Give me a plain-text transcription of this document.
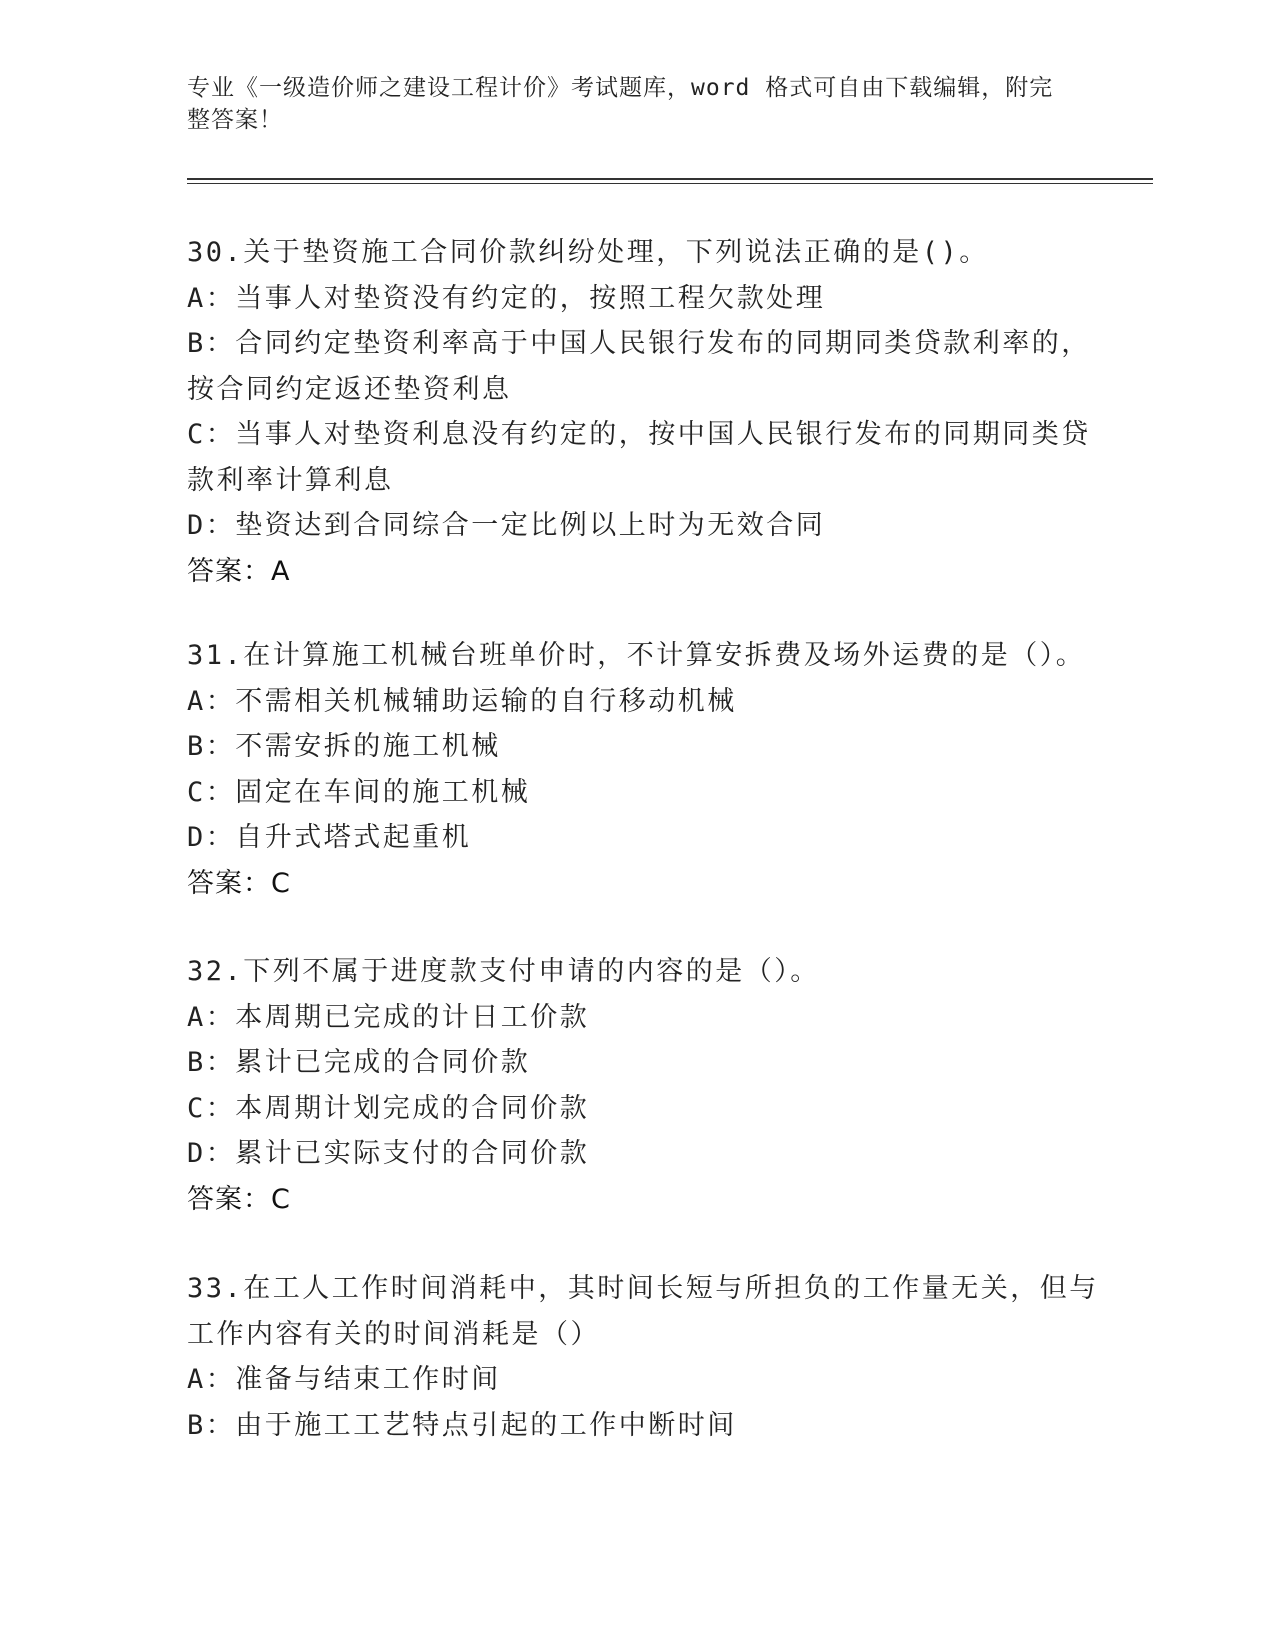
专业《一级造价师之建设工程计价》考试题库，word 格式可自由下载编辑，附完
整答案！
30.关于垫资施工合同价款纠纷处理，下列说法正确的是()。
A：当事人对垫资没有约定的，按照工程欠款处理
B：合同约定垫资利率高于中国人民银行发布的同期同类贷款利率的，
按合同约定返还垫资利息
C：当事人对垫资利息没有约定的，按中国人民银行发布的同期同类贷
款利率计算利息
D：垫资达到合同综合一定比例以上时为无效合同
答案：A
31.在计算施工机械台班单价时，不计算安拆费及场外运费的是（）。
A：不需相关机械辅助运输的自行移动机械
B：不需安拆的施工机械
C：固定在车间的施工机械
D：自升式塔式起重机
答案：C
32.下列不属于进度款支付申请的内容的是（）。
A：本周期已完成的计日工价款
B：累计已完成的合同价款
C：本周期计划完成的合同价款
D：累计已实际支付的合同价款
答案：C
33.在工人工作时间消耗中，其时间长短与所担负的工作量无关，但与
工作内容有关的时间消耗是（）
A：准备与结束工作时间
B：由于施工工艺特点引起的工作中断时间
